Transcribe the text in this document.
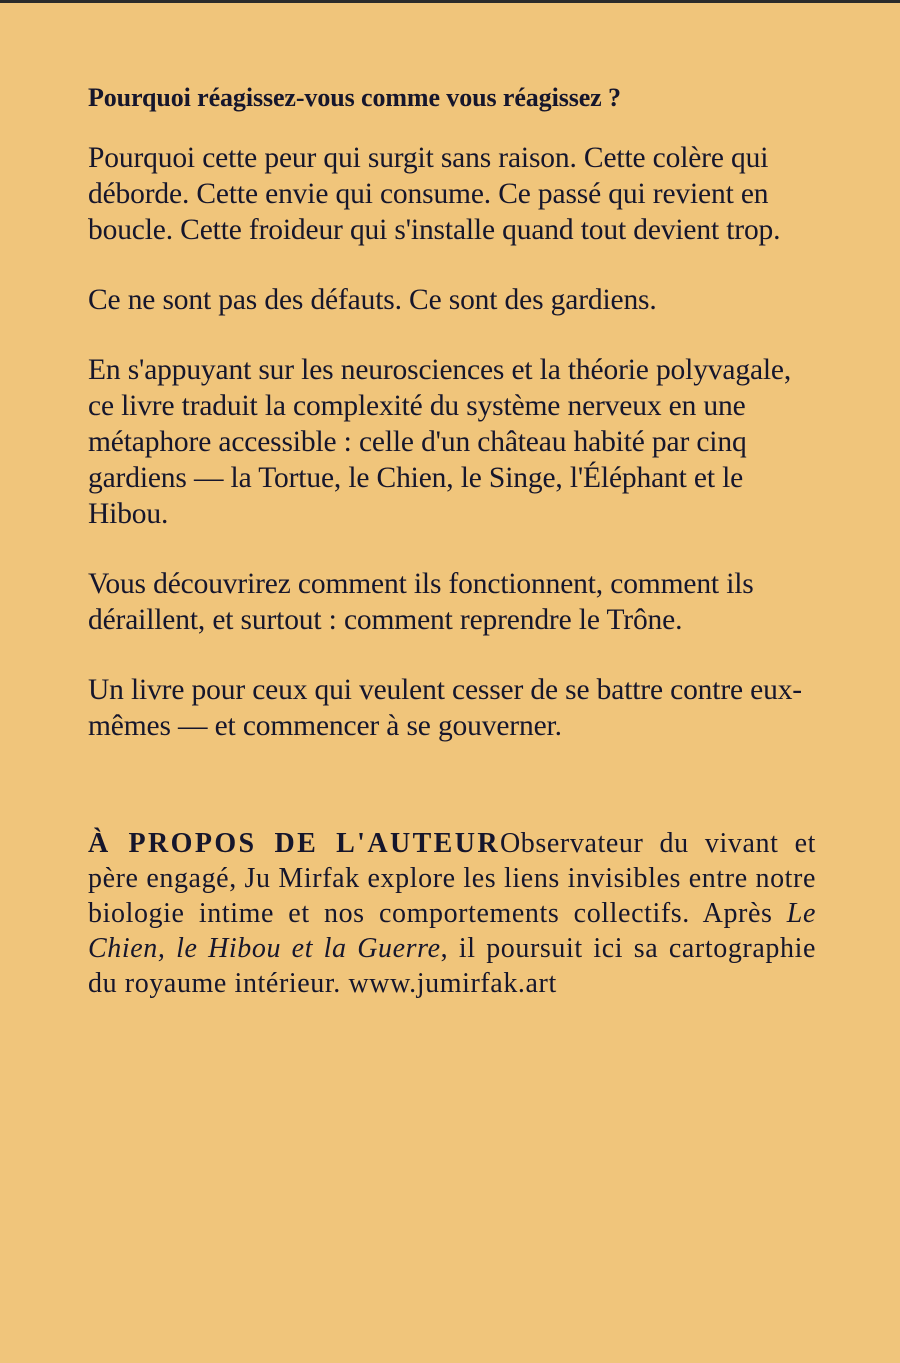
Pourquoi réagissez-vous comme vous réagissez ?

Pourquoi cette peur qui surgit sans raison. Cette colère qui déborde. Cette envie qui consume. Ce passé qui revient en boucle. Cette froideur qui s'installe quand tout devient trop.

Ce ne sont pas des défauts. Ce sont des gardiens.

En s'appuyant sur les neurosciences et la théorie polyvagale, ce livre traduit la complexité du système nerveux en une métaphore accessible : celle d'un château habité par cinq gardiens — la Tortue, le Chien, le Singe, l'Éléphant et le Hibou.

Vous découvrirez comment ils fonctionnent, comment ils déraillent, et surtout : comment reprendre le Trône.

Un livre pour ceux qui veulent cesser de se battre contre eux-mêmes — et commencer à se gouverner.

À PROPOS DE L'AUTEURObservateur du vivant et père engagé, Ju Mirfak explore les liens invisibles entre notre biologie intime et nos comportements collectifs. Après Le Chien, le Hibou et la Guerre, il poursuit ici sa cartographie du royaume intérieur. www.jumirfak.art
